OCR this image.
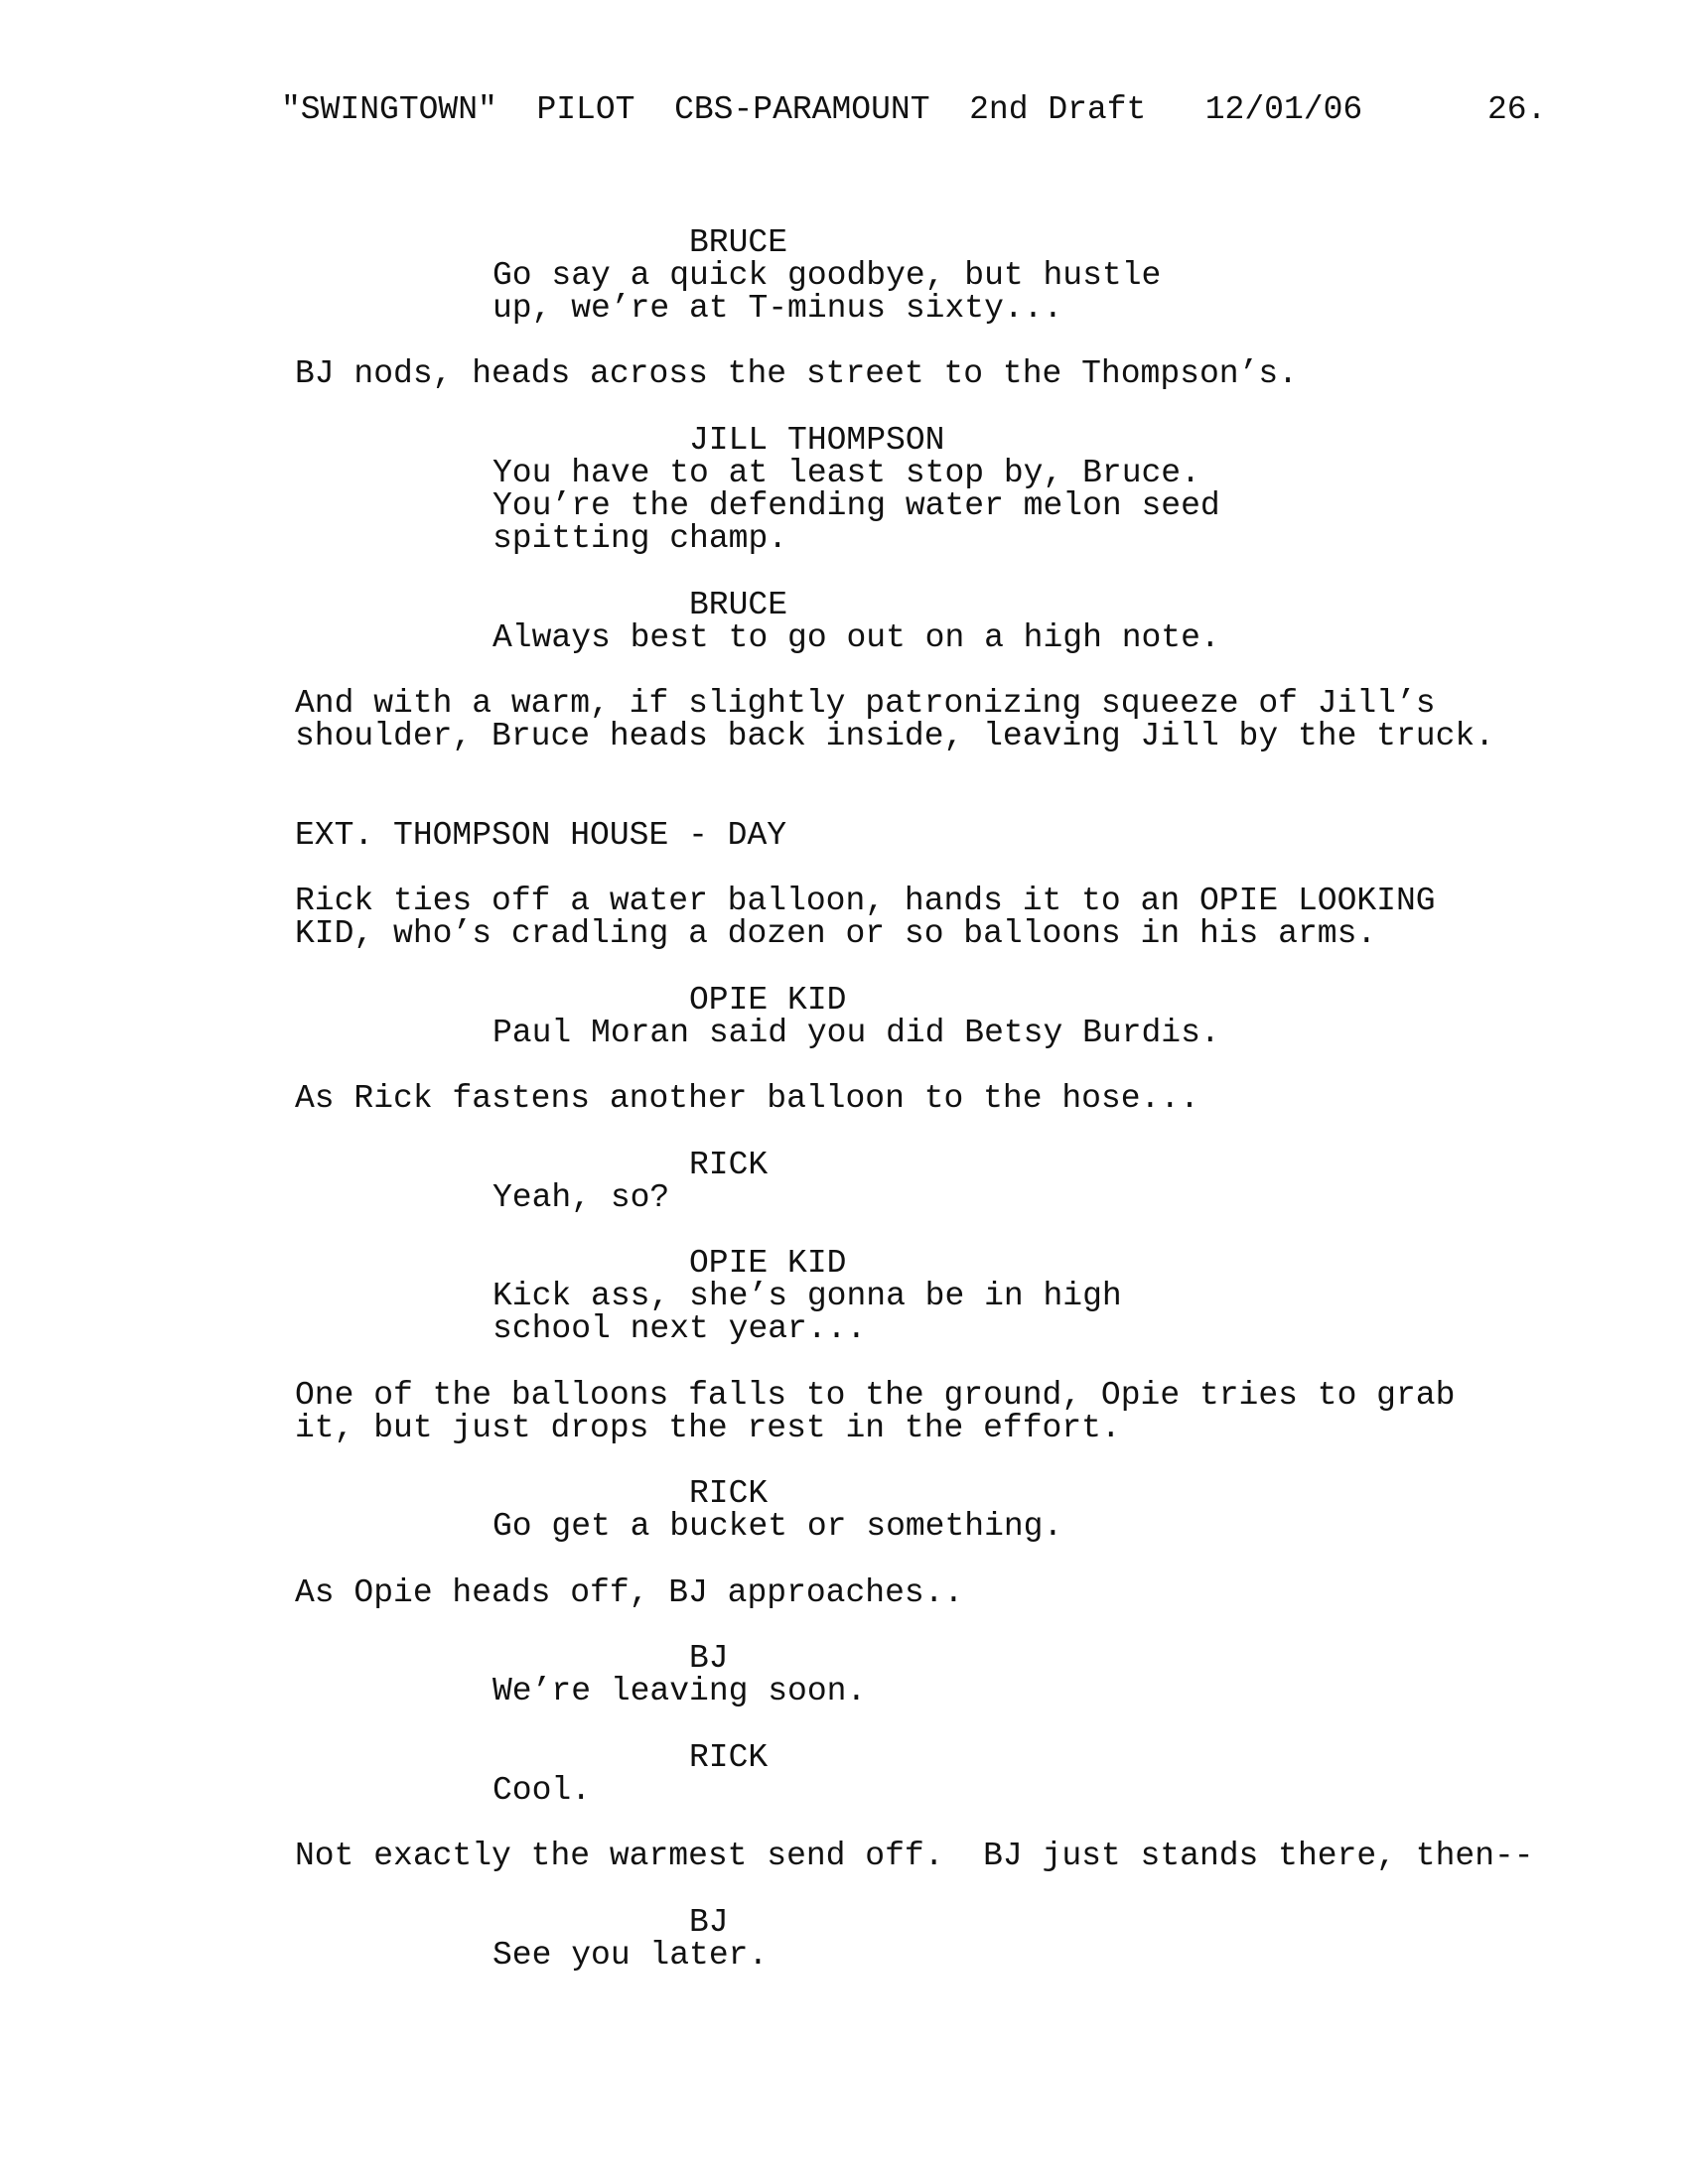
"SWINGTOWN"  PILOT  CBS-PARAMOUNT  2nd Draft   12/01/06	26.
BRUCE
Go say a quick goodbye, but hustle
up, we’re at T-minus sixty...
BJ nods, heads across the street to the Thompson’s.
JILL THOMPSON
You have to at least stop by, Bruce.
You’re the defending water melon seed
spitting champ.
BRUCE
Always best to go out on a high note.
And with a warm, if slightly patronizing squeeze of Jill’s
shoulder, Bruce heads back inside, leaving Jill by the truck.
EXT. THOMPSON HOUSE - DAY
Rick ties off a water balloon, hands it to an OPIE LOOKING
KID, who’s cradling a dozen or so balloons in his arms.
OPIE KID
Paul Moran said you did Betsy Burdis.
As Rick fastens another balloon to the hose...
RICK
Yeah, so?
OPIE KID
Kick ass, she’s gonna be in high
school next year...
One of the balloons falls to the ground, Opie tries to grab
it, but just drops the rest in the effort.
RICK
Go get a bucket or something.
As Opie heads off, BJ approaches..
BJ
We’re leaving soon.
RICK
Cool.
Not exactly the warmest send off.  BJ just stands there, then--
BJ
See you later.
